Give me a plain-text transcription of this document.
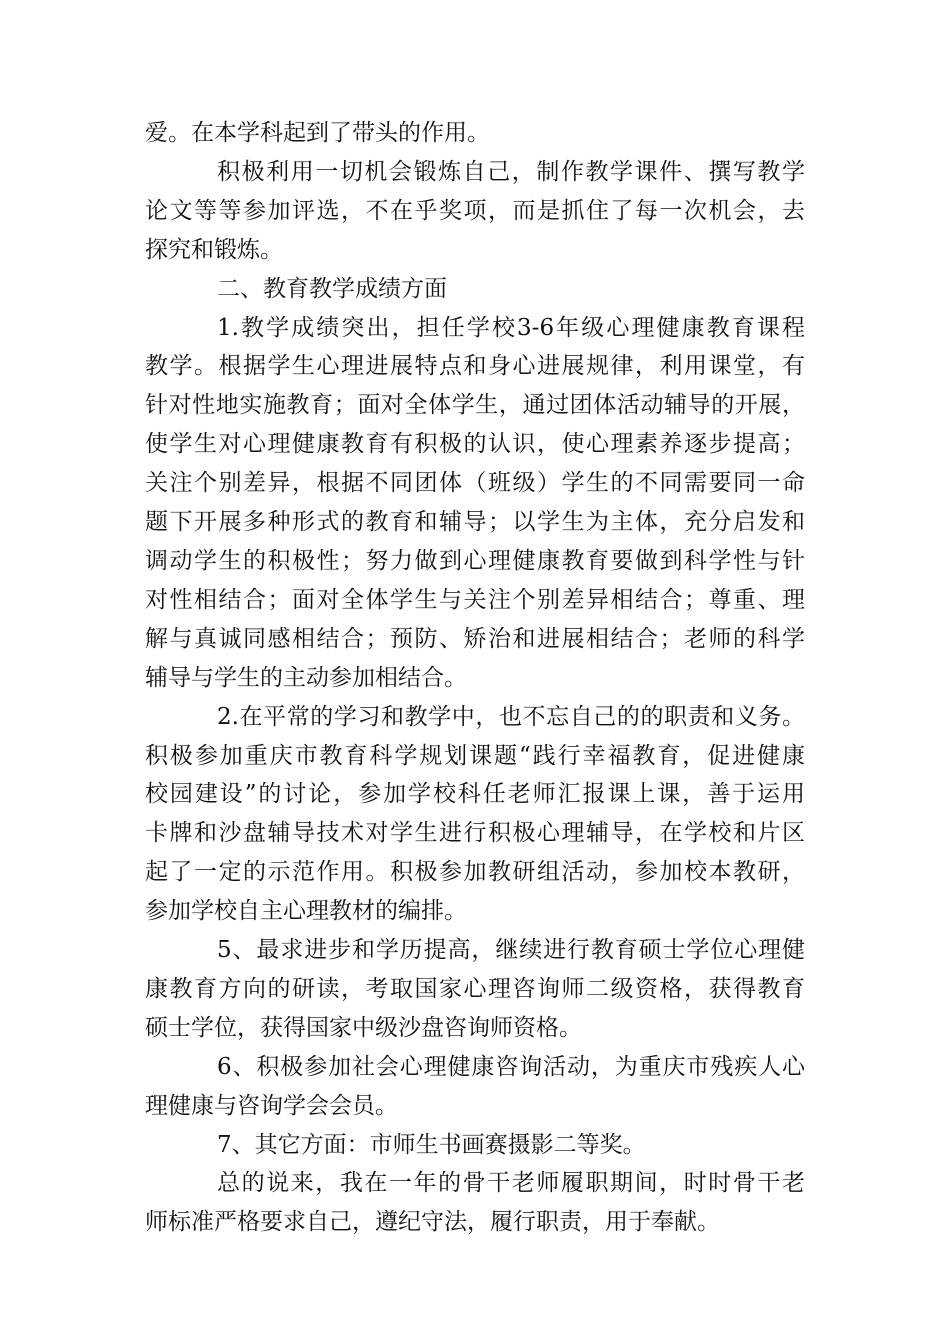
爱。在本学科起到了带头的作用。

积极利用一切机会锻炼自己，制作教学课件、撰写教学
论文等等参加评选，不在乎奖项，而是抓住了每一次机会，去
探究和锻炼。

二、教育教学成绩方面

1.教学成绩突出，担任学校3-6年级心理健康教育课程
教学。根据学生心理进展特点和身心进展规律，利用课堂，有
针对性地实施教育；面对全体学生，通过团体活动辅导的开展，
使学生对心理健康教育有积极的认识，使心理素养逐步提高；
关注个别差异，根据不同团体（班级）学生的不同需要同一命
题下开展多种形式的教育和辅导；以学生为主体，充分启发和
调动学生的积极性；努力做到心理健康教育要做到科学性与针
对性相结合；面对全体学生与关注个别差异相结合；尊重、理
解与真诚同感相结合；预防、矫治和进展相结合；老师的科学
辅导与学生的主动参加相结合。

2.在平常的学习和教学中，也不忘自己的的职责和义务。
积极参加重庆市教育科学规划课题“践行幸福教育，促进健康
校园建设”的讨论，参加学校科任老师汇报课上课，善于运用
卡牌和沙盘辅导技术对学生进行积极心理辅导，在学校和片区
起了一定的示范作用。积极参加教研组活动，参加校本教研，
参加学校自主心理教材的编排。

5、最求进步和学历提高，继续进行教育硕士学位心理健
康教育方向的研读，考取国家心理咨询师二级资格，获得教育
硕士学位，获得国家中级沙盘咨询师资格。

6、积极参加社会心理健康咨询活动，为重庆市残疾人心
理健康与咨询学会会员。

7、其它方面：市师生书画赛摄影二等奖。

总的说来，我在一年的骨干老师履职期间，时时骨干老
师标准严格要求自己，遵纪守法，履行职责，用于奉献。
